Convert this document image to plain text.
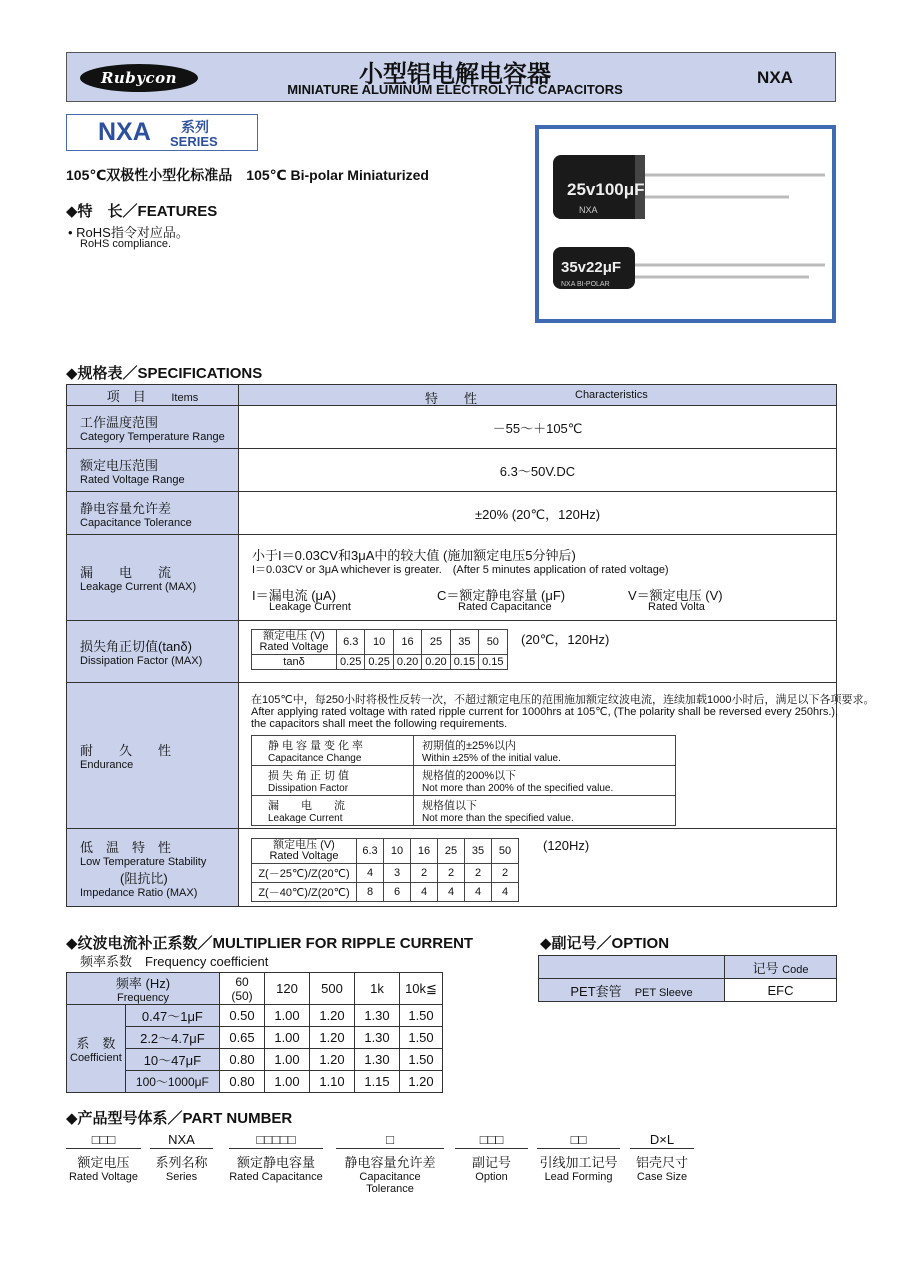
Rubycon	小型铝电解电容器
MINIATURE ALUMINUM ELECTROLYTIC CAPACITORS
NXA
NXA 系列
SERIES
105℃双极性小型化标准品　105℃ Bi-polar Miniaturized
◆特　长／FEATURES
• RoHS指令对应品。
RoHS compliance.
25v100μF
NXA
35v22μF
NXA BI-POLAR
◆规格表／SPECIFICATIONS
项　目 Items	特　　性	Characteristics

工作温度范围
Category Temperature Range
	－55～＋105℃

额定电压范围
Rated Voltage Range
	6.3～50V.DC

静电容量允许差
Capacitance Tolerance
	±20% (20℃，120Hz)

漏　　电　　流
Leakage Current (MAX)

小于I＝0.03CV和3μA中的较大值 (施加额定电压5分钟后)
I＝0.03CV or 3μA whichever is greater.　(After 5 minutes application of rated voltage)
I＝漏电流 (μA)
Leakage Current
C＝额定静电容量 (μF)
Rated Capacitance
V＝额定电压 (V)
Rated Volta

损失角正切值(tanδ)
Dissipation Factor (MAX)

额定电压 (V)
Rated Voltage	6.3	10	16	25	35	50
tanδ	0.25	0.25	0.20	0.20	0.15	0.15
(20℃，120Hz)

耐　　久　　性
Endurance

在105℃中，每250小时将极性反转一次，不超过额定电压的范围施加额定纹波电流，连续加载1000小时后，满足以下各项要求。
After applying rated voltage with rated ripple current for 1000hrs at 105℃, (The polarity shall be reversed every 250hrs.),
the capacitors shall meet the following requirements.
静电容量变化率
Capacitance Change

初期值的±25%以内
Within ±25% of the initial value.

损失角正切值
Dissipation Factor

规格值的200%以下
Not more than 200% of the specified value.

漏　　电　　流
Leakage Current

规格值以下
Not more than the specified value.

低　温　特　性
Low Temperature Stability
(阻抗比)
Impedance Ratio (MAX)

额定电压 (V)
Rated Voltage	6.3	10	16	25	35	50
Z(－25℃)/Z(20℃)	4	3	2	2	2	2
Z(－40℃)/Z(20℃)	8	6	4	4	4	4
(120Hz)
◆纹波电流补正系数／MULTIPLIER FOR RIPPLE CURRENT
频率系数　Frequency coefficient
频率 (Hz)
Frequency		60 (50)	120	500	1k	10k≦

系　数
Coefficient	0.47～1μF	0.50	1.00	1.20	1.30	1.50
	2.2～4.7μF	0.65	1.00	1.20	1.30	1.50
	10～47μF	0.80	1.00	1.20	1.30	1.50
	100～1000μF	0.80	1.00	1.10	1.15	1.20
◆副记号／OPTION
	记号 Code
PET套管　 PET Sleeve	EFC
◆产品型号体系／PART NUMBER
□□□
额定电压
Rated Voltage
NXA
系列名称
Series
□□□□□
额定静电容量
Rated Capacitance
□
静电容量允许差
Capacitance Tolerance
□□□
副记号
Option
□□
引线加工记号
Lead Forming
D×L
铝壳尺寸
Case Size
